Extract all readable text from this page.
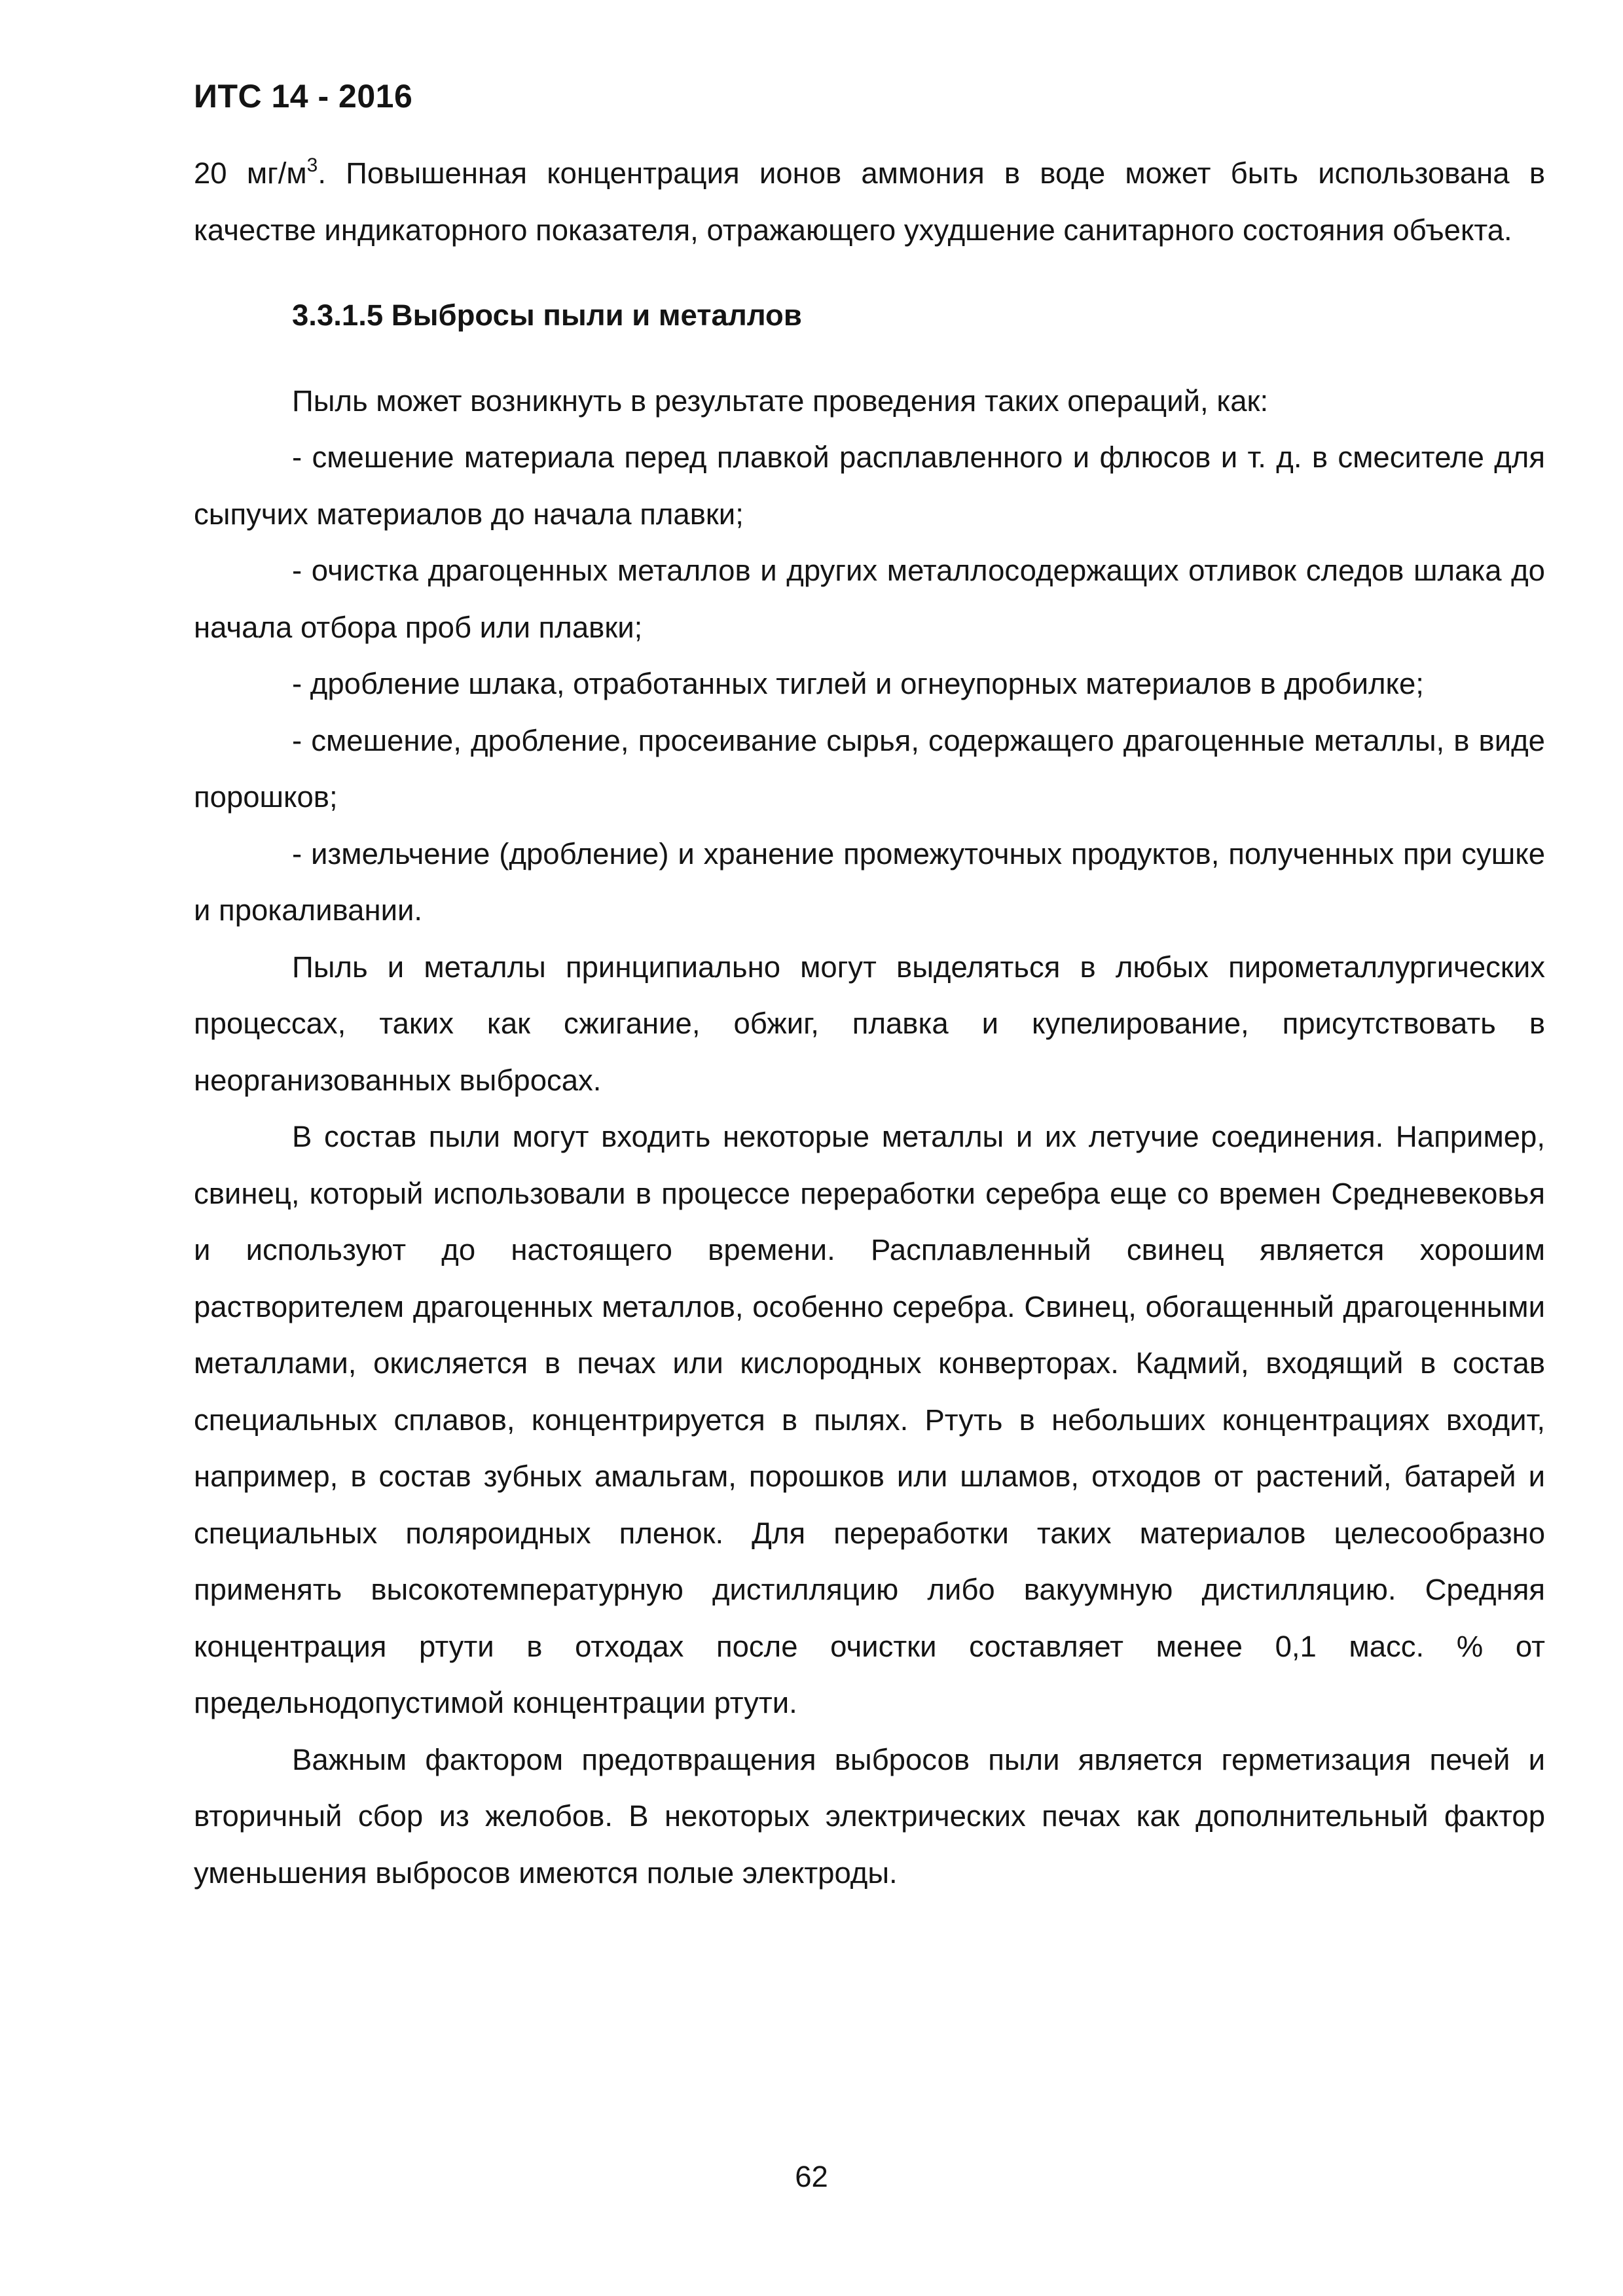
ИТС 14 - 2016

20 $мг/м^3$. Повышенная концентрация ионов аммония в воде может быть использована в качестве индикаторного показателя, отражающего ухудшение санитарного состояния объекта.

3.3.1.5 Выбросы пыли и металлов

Пыль может возникнуть в результате проведения таких операций, как:

- смешение материала перед плавкой расплавленного и флюсов и т. д. в смесителе для сыпучих материалов до начала плавки;

- очистка драгоценных металлов и других металлосодержащих отливок следов шлака до начала отбора проб или плавки;

- дробление шлака, отработанных тиглей и огнеупорных материалов в дробилке;

- смешение, дробление, просеивание сырья, содержащего драгоценные металлы, в виде порошков;

- измельчение (дробление) и хранение промежуточных продуктов, полученных при сушке и прокаливании.

Пыль и металлы принципиально могут выделяться в любых пирометаллургических процессах, таких как сжигание, обжиг, плавка и купелирование, присутствовать в неорганизованных выбросах.

В состав пыли могут входить некоторые металлы и их летучие соединения. Например, свинец, который использовали в процессе переработки серебра еще со времен Средневековья и используют до настоящего времени. Расплавленный свинец является хорошим растворителем драгоценных металлов, особенно серебра. Свинец, обогащенный драгоценными металлами, окисляется в печах или кислородных конверторах. Кадмий, входящий в состав специальных сплавов, концентрируется в пылях. Ртуть в небольших концентрациях входит, например, в состав зубных амальгам, порошков или шламов, отходов от растений, батарей и специальных поляроидных пленок. Для переработки таких материалов целесообразно применять высокотемпературную дистилляцию либо вакуумную дистилляцию. Средняя концентрация ртути в отходах после очистки составляет менее 0,1 масс. % от предельнодопустимой концентрации ртути.

Важным фактором предотвращения выбросов пыли является герметизация печей и вторичный сбор из желобов. В некоторых электрических печах как дополнительный фактор уменьшения выбросов имеются полые электроды.

62
